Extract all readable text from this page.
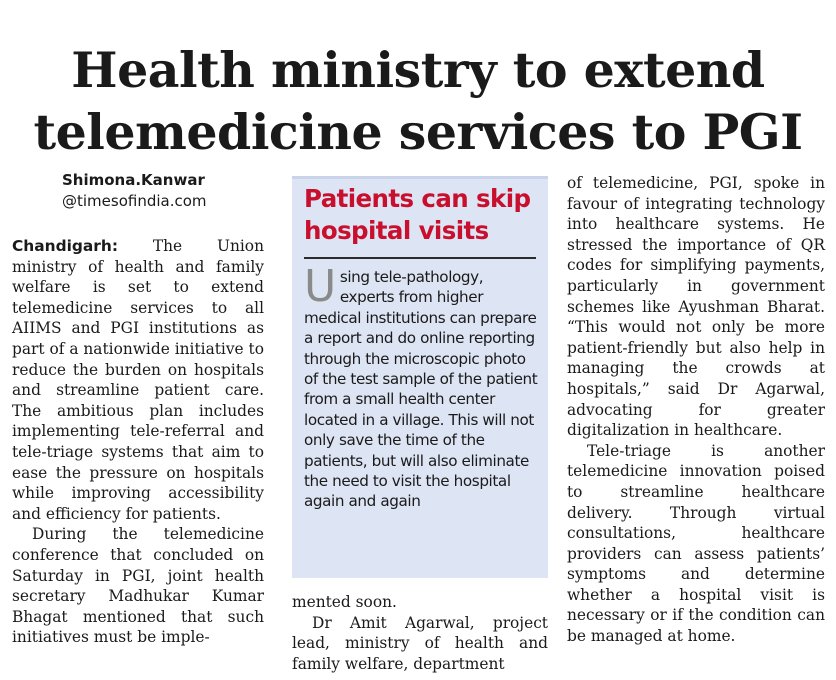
Health ministry to extend telemedicine services to PGI
Shimona.Kanwar
@timesofindia.com

Chandigarh: The Union ministry of health and family welfare is set to extend telemedicine services to all AIIMS and PGI institutions as part of a nationwide initiative to reduce the burden on hospitals and streamline patient care. The ambitious plan includes implementing tele-referral and tele-triage systems that aim to ease the pressure on hospitals while improving accessibility and efficiency for patients.

During the telemedicine conference that concluded on Saturday in PGI, joint health secretary Madhukar Kumar Bhagat mentioned that such initiatives must be imple-

Patients can skip hospital visits
Using tele-pathology, experts from higher medical institutions can prepare a report and do online reporting through the microscopic photo of the test sample of the patient from a small health center located in a village. This will not only save the time of the patients, but will also eliminate the need to visit the hospital again and again

mented soon.

Dr Amit Agarwal, project lead, ministry of health and family welfare, department

of telemedicine, PGI, spoke in favour of integrating technology into healthcare systems. He stressed the importance of QR codes for simplifying payments, particularly in government schemes like Ayushman Bharat. “This would not only be more patient-friendly but also help in managing the crowds at hospitals,” said Dr Agarwal, advocating for greater digitalization in healthcare.

Tele-triage is another telemedicine innovation poised to streamline healthcare delivery. Through virtual consultations, healthcare providers can assess patients’ symptoms and determine whether a hospital visit is necessary or if the condition can be managed at home.
